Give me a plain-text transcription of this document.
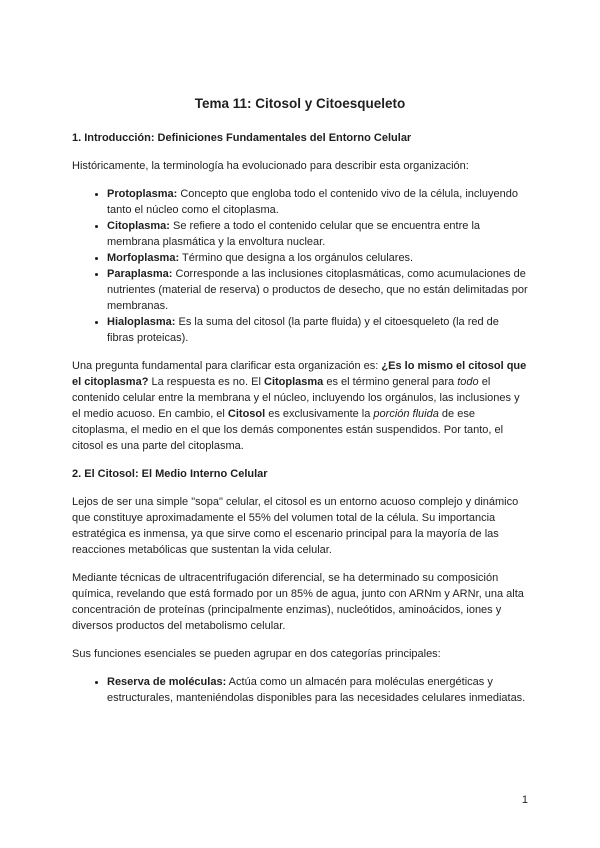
Tema 11: Citosol y Citoesqueleto
1. Introducción: Definiciones Fundamentales del Entorno Celular

Históricamente, la terminología ha evolucionado para describir esta organización:

• Protoplasma: Concepto que engloba todo el contenido vivo de la célula, incluyendo tanto el núcleo como el citoplasma.
• Citoplasma: Se refiere a todo el contenido celular que se encuentra entre la membrana plasmática y la envoltura nuclear.
• Morfoplasma: Término que designa a los orgánulos celulares.
• Paraplasma: Corresponde a las inclusiones citoplasmáticas, como acumulaciones de nutrientes (material de reserva) o productos de desecho, que no están delimitadas por membranas.
• Hialoplasma: Es la suma del citosol (la parte fluida) y el citoesqueleto (la red de fibras proteicas).

Una pregunta fundamental para clarificar esta organización es: ¿Es lo mismo el citosol que el citoplasma? La respuesta es no. El Citoplasma es el término general para todo el contenido celular entre la membrana y el núcleo, incluyendo los orgánulos, las inclusiones y el medio acuoso. En cambio, el Citosol es exclusivamente la porción fluida de ese citoplasma, el medio en el que los demás componentes están suspendidos. Por tanto, el citosol es una parte del citoplasma.

2. El Citosol: El Medio Interno Celular

Lejos de ser una simple "sopa" celular, el citosol es un entorno acuoso complejo y dinámico que constituye aproximadamente el 55% del volumen total de la célula. Su importancia estratégica es inmensa, ya que sirve como el escenario principal para la mayoría de las reacciones metabólicas que sustentan la vida celular.

Mediante técnicas de ultracentrifugación diferencial, se ha determinado su composición química, revelando que está formado por un 85% de agua, junto con ARNm y ARNr, una alta concentración de proteínas (principalmente enzimas), nucleótidos, aminoácidos, iones y diversos productos del metabolismo celular.

Sus funciones esenciales se pueden agrupar en dos categorías principales:

• Reserva de moléculas: Actúa como un almacén para moléculas energéticas y estructurales, manteniéndolas disponibles para las necesidades celulares inmediatas.
1
